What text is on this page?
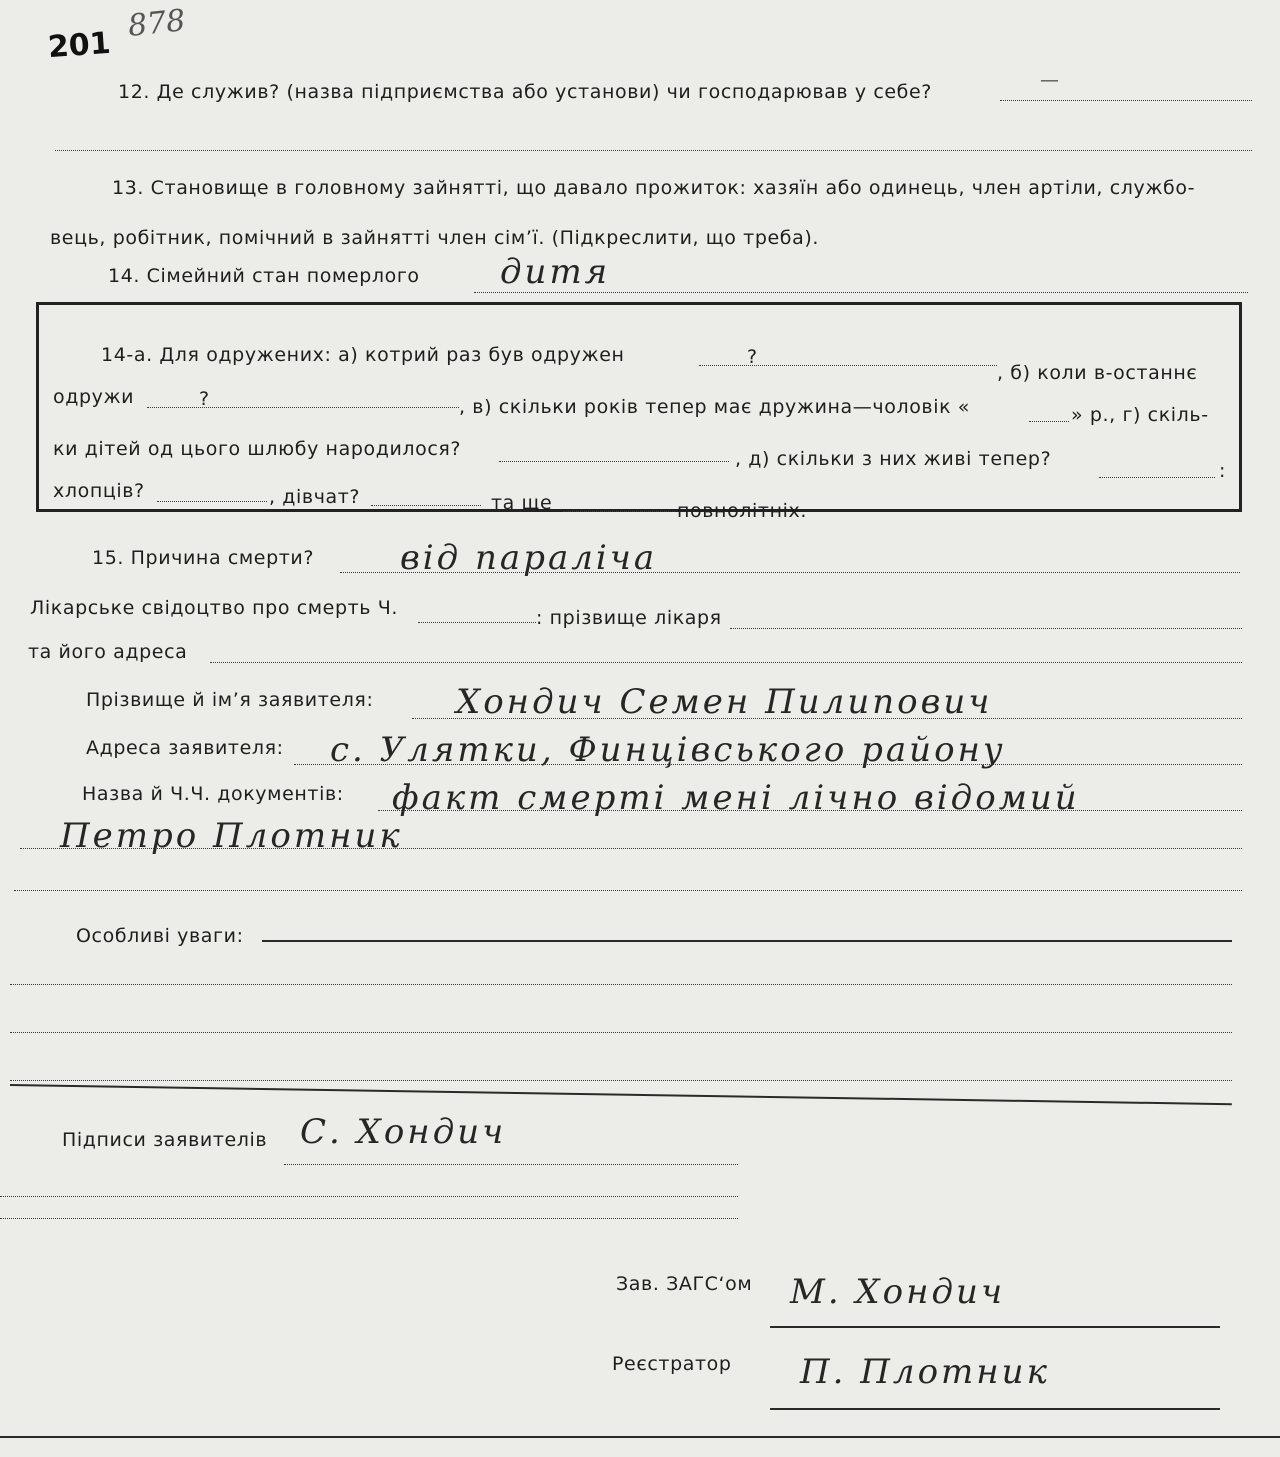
201
878
12. Де служив? (назва підприємства або установи) чи господарював у себе?
—
13. Становище в головному зайнятті, що давало прожиток: хазяїн або одинець, член артіли, службо-
вець, робітник, помічний в зайнятті член сім’ї. (Підкреслити, що треба).
14. Сімейний стан померлого дитя
14-а. Для одружених: а) котрий раз був одружен	?
, б) коли в-останнє
одружи	?	, в) скільки років тепер має дружина—чоловік «	» р., г) скіль-
ки дітей од цього шлюбу народилося?	, д) скільки з них живі тепер?
:
хлопців?	, дівчат?	та ще	повнолітніх.
15. Причина смерти?	від параліча
Лікарське свідоцтво про смерть Ч.	: прізвище лікаря
та його адреса
Прізвище й ім’я заявителя: Хондич Семен Пилипович
Адреса заявителя: с. Улятки, Финцівського району
Назва й Ч.Ч. документів: факт смерті мені лічно відомий
Петро Плотник
Особливі уваги:
Підписи заявителів С. Хондич
Зав. ЗАГС‘ом М. Хондич
Реєстратор П. Плотник
